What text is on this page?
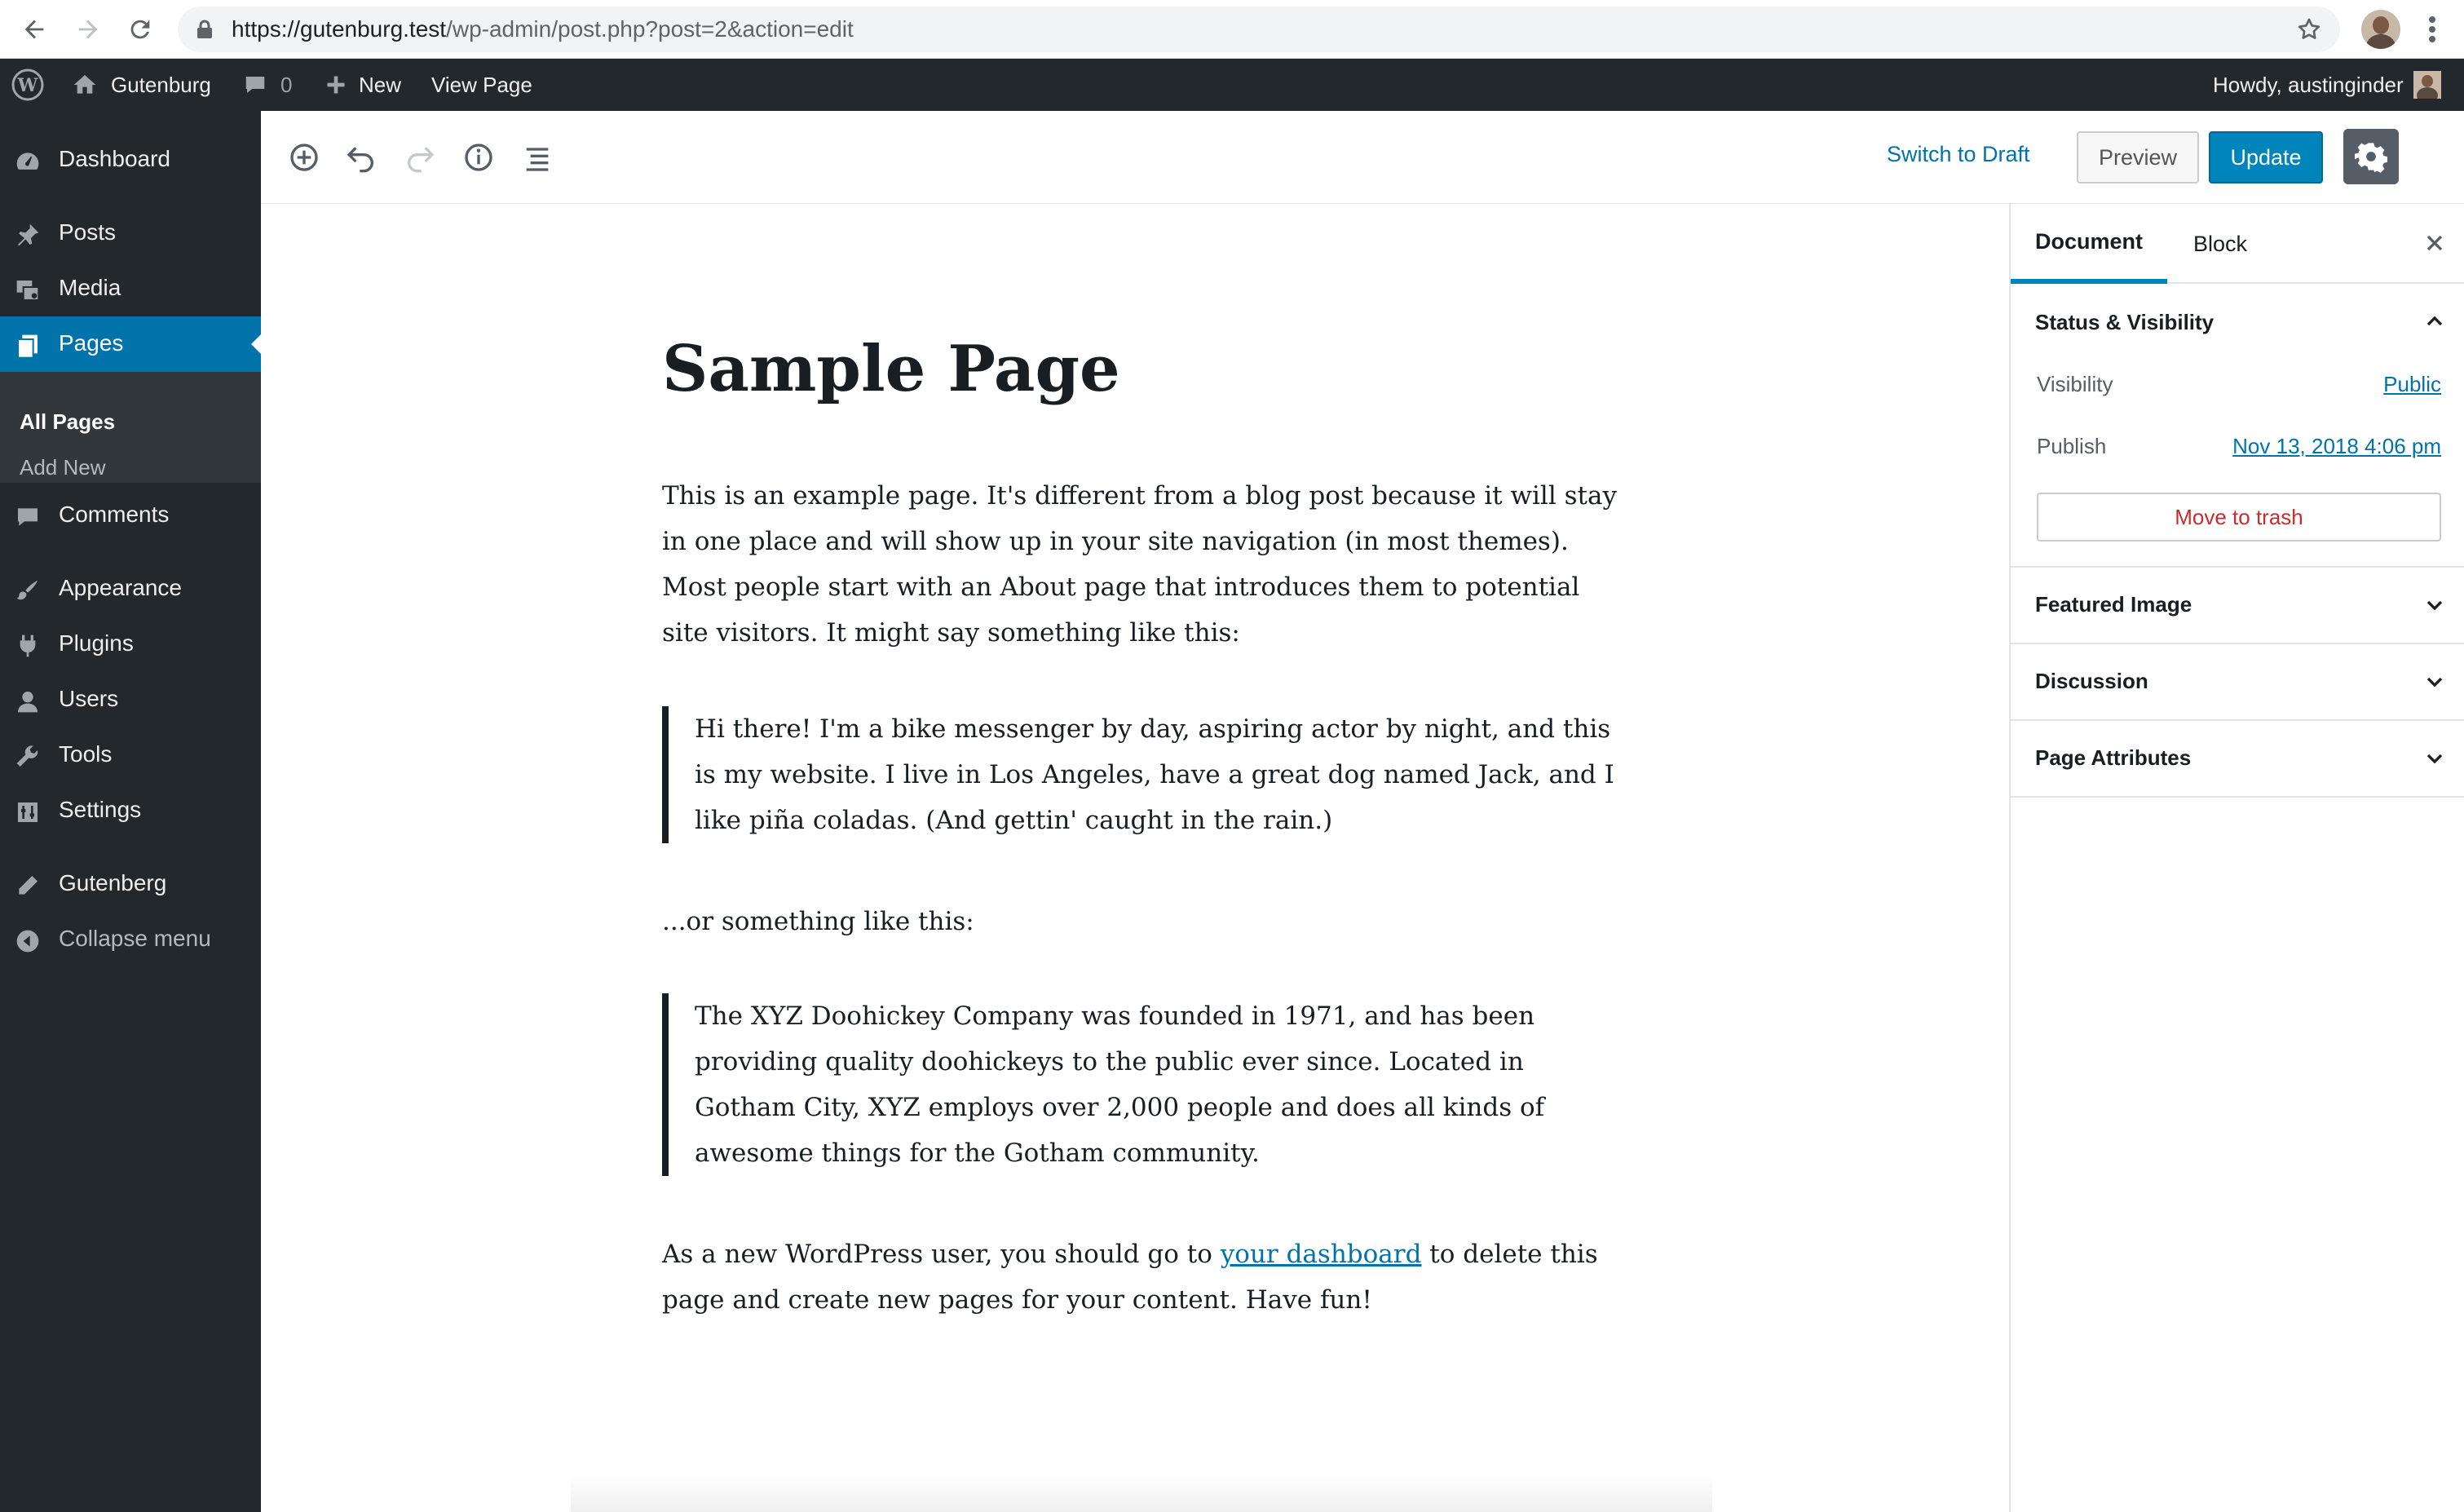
https://gutenburg.test/wp-admin/post.php?post=2&action=edit
W	Gutenburg	0	New View Page	Howdy, austinginder
Dashboard
Posts
Media
Pages
All Pages
Add New
Comments
Appearance
Plugins
Users
Tools
Settings
Gutenberg
Collapse menu
Switch to Draft	Preview	Update
Sample Page

This is an example page. It's different from a blog post because it will stay in one place and will show up in your site navigation (in most themes). Most people start with an About page that introduces them to potential site visitors. It might say something like this:

Hi there! I'm a bike messenger by day, aspiring actor by night, and this is my website. I live in Los Angeles, have a great dog named Jack, and I like piña coladas. (And gettin' caught in the rain.)

...or something like this:

The XYZ Doohickey Company was founded in 1971, and has been providing quality doohickeys to the public ever since. Located in Gotham City, XYZ employs over 2,000 people and does all kinds of awesome things for the Gotham community.

As a new WordPress user, you should go to your dashboard to delete this page and create new pages for your content. Have fun!

Document	Block
Status & Visibility
Visibility	Public
Publish	Nov 13, 2018 4:06 pm
Move to trash
Featured Image
Discussion
Page Attributes
